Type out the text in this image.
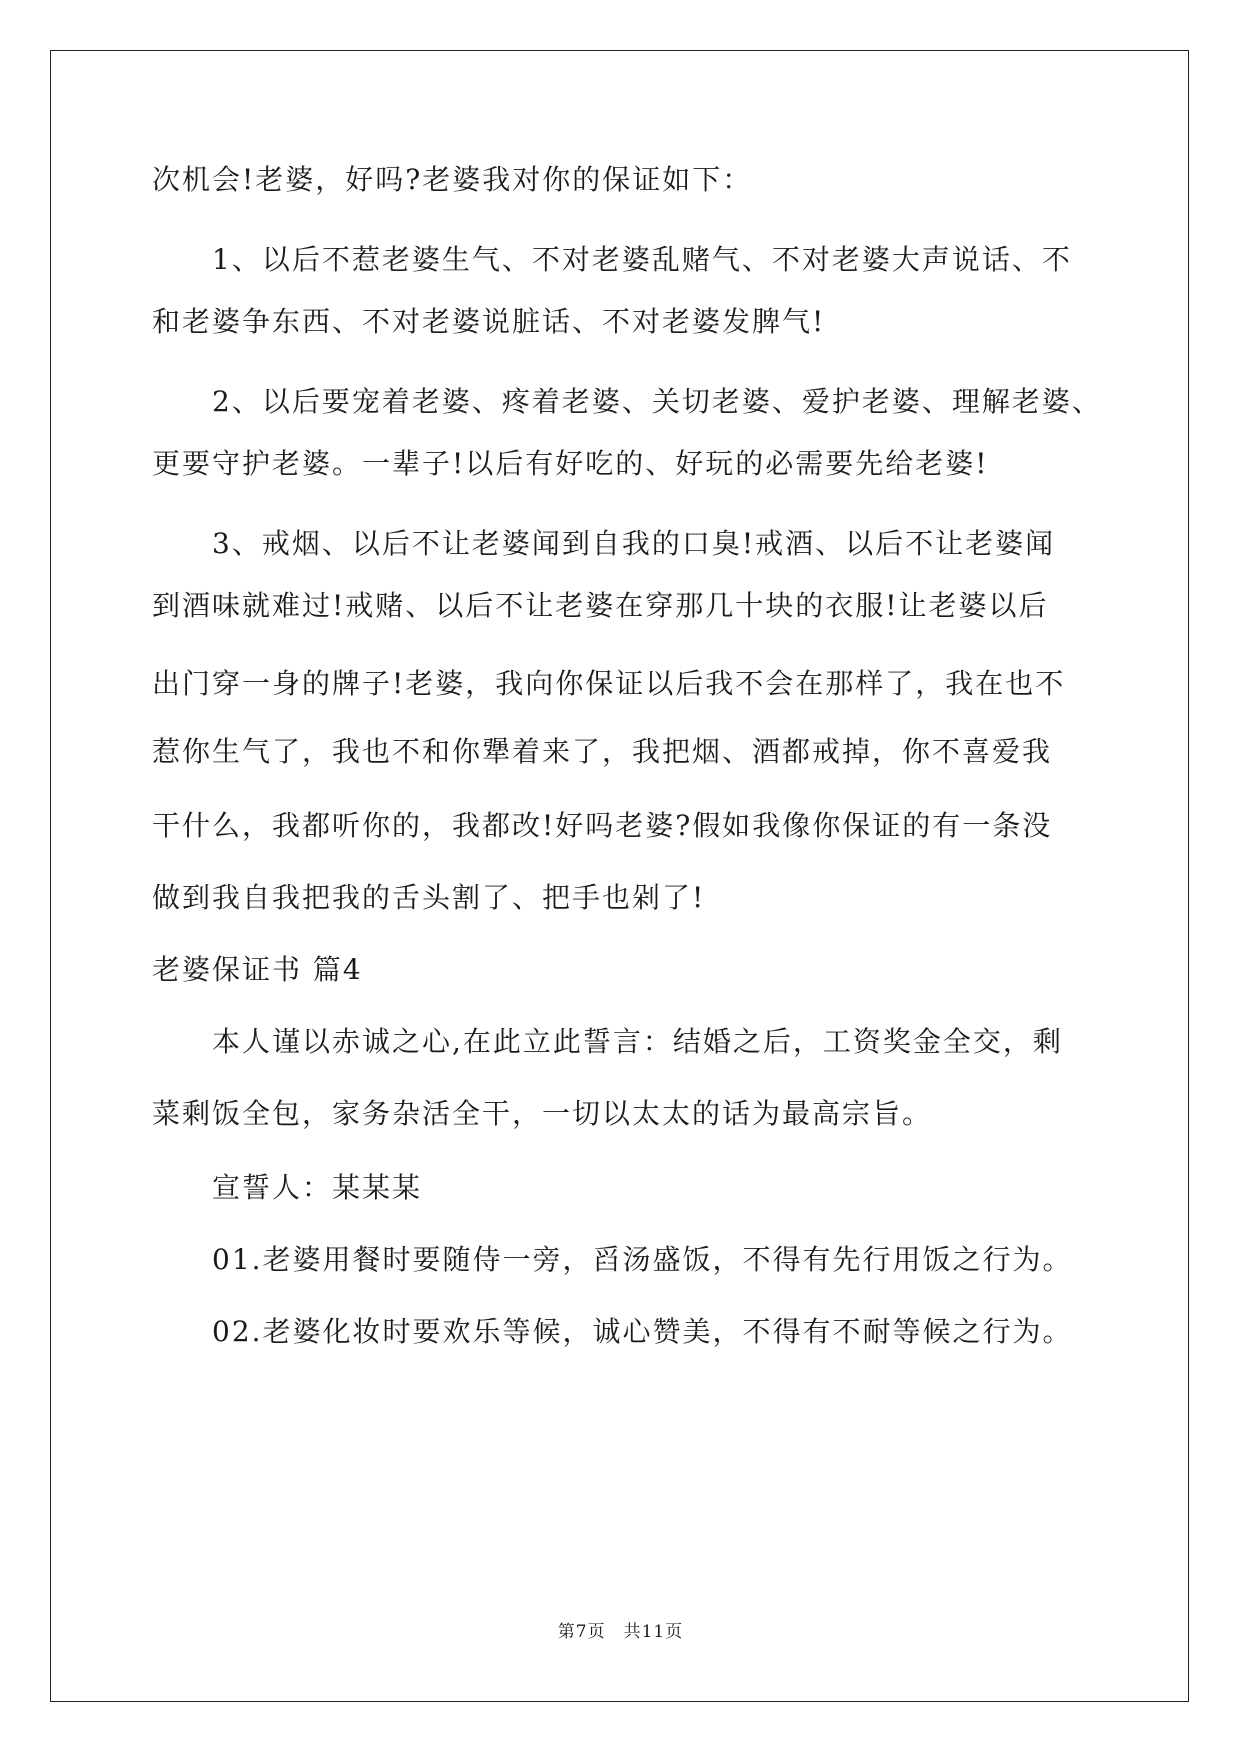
次机会!老婆，好吗?老婆我对你的保证如下：
1、以后不惹老婆生气、不对老婆乱赌气、不对老婆大声说话、不
和老婆争东西、不对老婆说脏话、不对老婆发脾气!
2、以后要宠着老婆、疼着老婆、关切老婆、爱护老婆、理解老婆、
更要守护老婆。一辈子!以后有好吃的、好玩的必需要先给老婆!
3、戒烟、以后不让老婆闻到自我的口臭!戒酒、以后不让老婆闻
到酒味就难过!戒赌、以后不让老婆在穿那几十块的衣服!让老婆以后
出门穿一身的牌子!老婆，我向你保证以后我不会在那样了，我在也不
惹你生气了，我也不和你犟着来了，我把烟、酒都戒掉，你不喜爱我
干什么，我都听你的，我都改!好吗老婆?假如我像你保证的有一条没
做到我自我把我的舌头割了、把手也剁了!
老婆保证书 篇4
本人谨以赤诚之心,在此立此誓言：结婚之后，工资奖金全交，剩
菜剩饭全包，家务杂活全干，一切以太太的话为最高宗旨。
宣誓人：某某某
01.老婆用餐时要随侍一旁，舀汤盛饭，不得有先行用饭之行为。
02.老婆化妆时要欢乐等候，诚心赞美，不得有不耐等候之行为。
第7页　共11页
